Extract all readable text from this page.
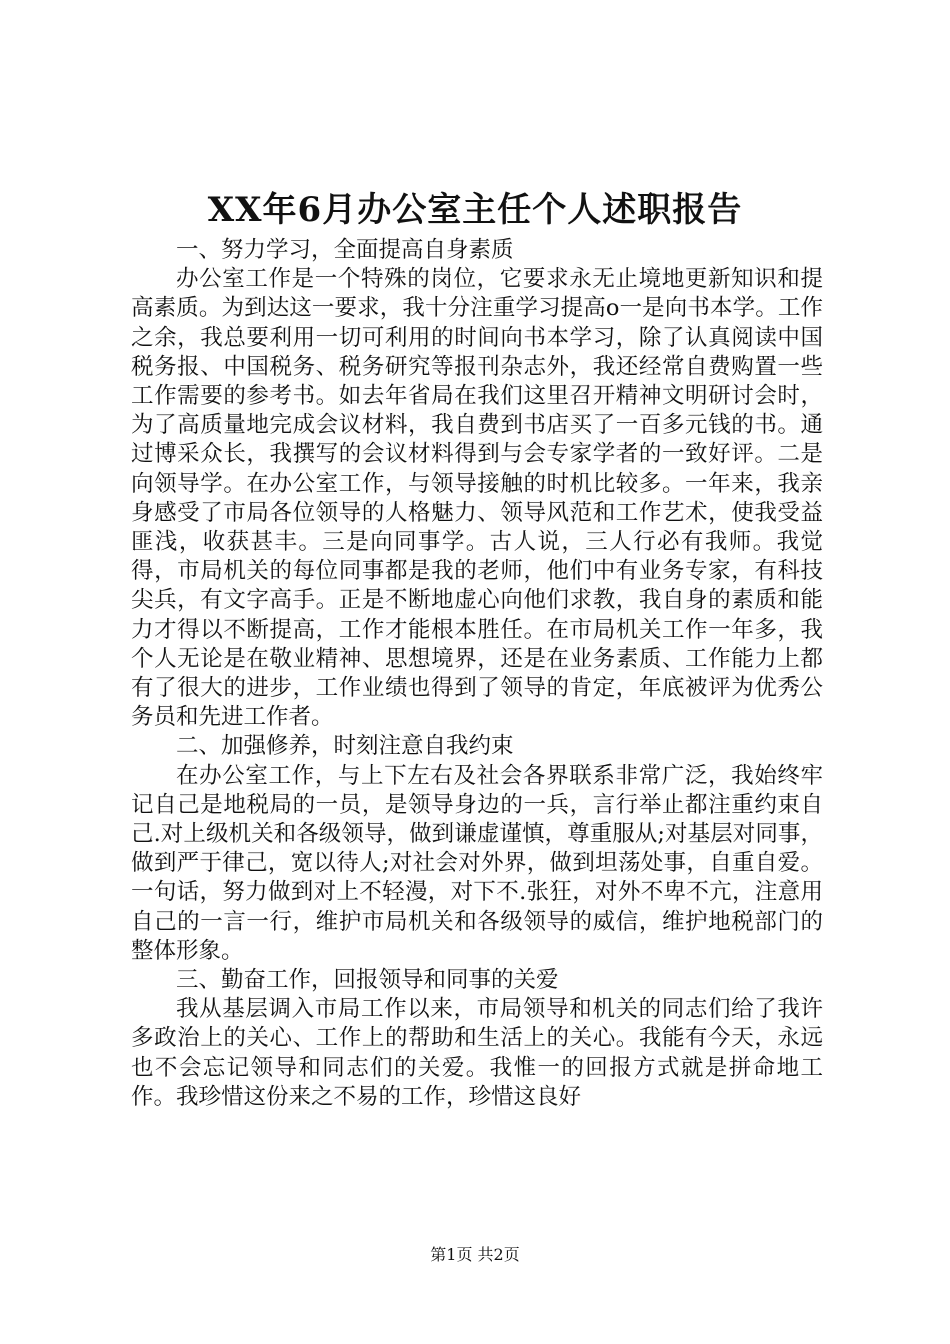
XX年6月办公室主任个人述职报告

一、努力学习，全面提高自身素质

办公室工作是一个特殊的岗位，它要求永无止境地更新知识和提高素质。为到达这一要求，我十分注重学习提高ο一是向书本学。工作之余，我总要利用一切可利用的时间向书本学习，除了认真阅读中国税务报、中国税务、税务研究等报刊杂志外，我还经常自费购置一些工作需要的参考书。如去年省局在我们这里召开精神文明研讨会时，为了高质量地完成会议材料，我自费到书店买了一百多元钱的书。通过博采众长，我撰写的会议材料得到与会专家学者的一致好评。二是向领导学。在办公室工作，与领导接触的时机比较多。一年来，我亲身感受了市局各位领导的人格魅力、领导风范和工作艺术，使我受益匪浅，收获甚丰。三是向同事学。古人说，三人行必有我师。我觉得，市局机关的每位同事都是我的老师，他们中有业务专家，有科技尖兵，有文字高手。正是不断地虚心向他们求教，我自身的素质和能力才得以不断提高，工作才能根本胜任。在市局机关工作一年多，我个人无论是在敬业精神、思想境界，还是在业务素质、工作能力上都有了很大的进步，工作业绩也得到了领导的肯定，年底被评为优秀公务员和先进工作者。

二、加强修养，时刻注意自我约束

在办公室工作，与上下左右及社会各界联系非常广泛，我始终牢记自己是地税局的一员，是领导身边的一兵，言行举止都注重约束自己.对上级机关和各级领导，做到谦虚谨慎，尊重服从;对基层对同事，做到严于律己，宽以待人;对社会对外界，做到坦荡处事，自重自爱。一句话，努力做到对上不轻漫，对下不.张狂，对外不卑不亢，注意用自己的一言一行，维护市局机关和各级领导的威信，维护地税部门的整体形象。

三、勤奋工作，回报领导和同事的关爱

我从基层调入市局工作以来，市局领导和机关的同志们给了我许多政治上的关心、工作上的帮助和生活上的关心。我能有今天，永远也不会忘记领导和同志们的关爱。我惟一的回报方式就是拼命地工作。我珍惜这份来之不易的工作，珍惜这良好

第1页 共2页
